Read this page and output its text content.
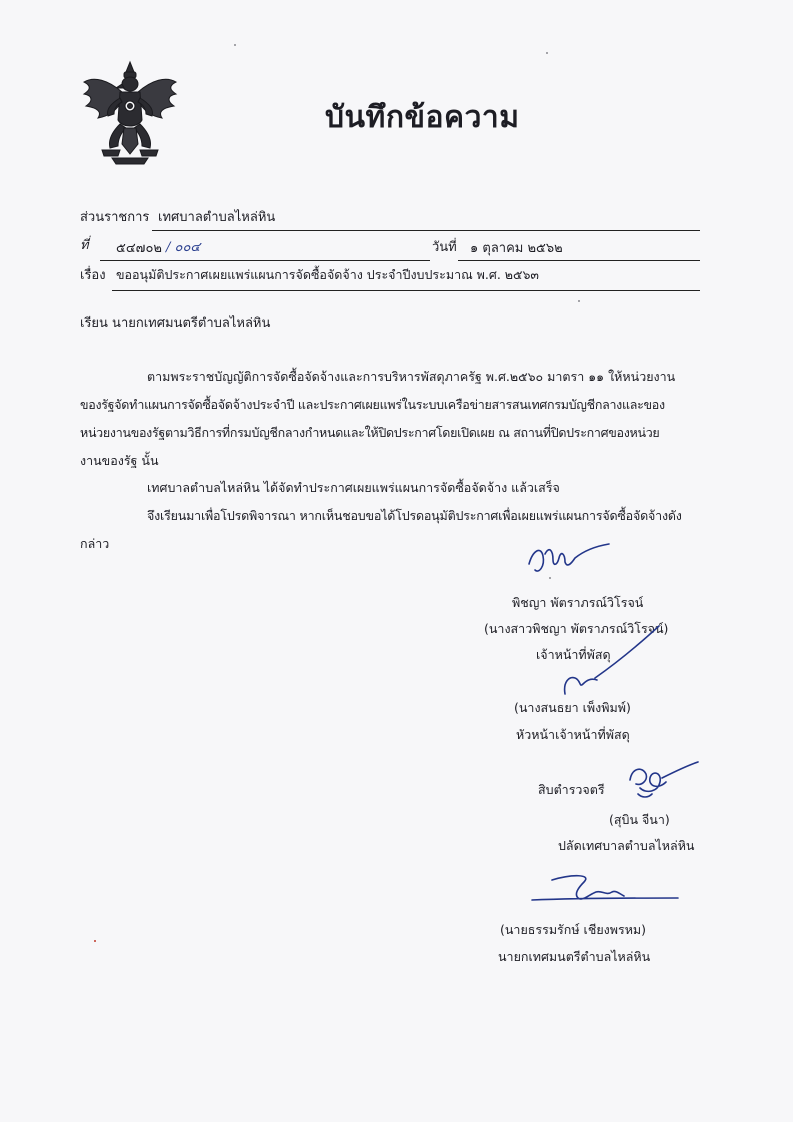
บันทึกข้อความ
ส่วนราชการ เทศบาลตำบลไหล่หิน
ที่ ๕๔๗๐๒ / ๐๐๔	วันที่ ๑ ตุลาคม ๒๕๖๒
เรื่อง ขออนุมัติประกาศเผยแพร่แผนการจัดซื้อจัดจ้าง ประจำปีงบประมาณ พ.ศ. ๒๕๖๓
เรียน นายกเทศมนตรีตำบลไหล่หิน
ตามพระราชบัญญัติการจัดซื้อจัดจ้างและการบริหารพัสดุภาครัฐ พ.ศ.๒๕๖๐ มาตรา ๑๑ ให้หน่วยงาน
ของรัฐจัดทำแผนการจัดซื้อจัดจ้างประจำปี และประกาศเผยแพร่ในระบบเครือข่ายสารสนเทศกรมบัญชีกลางและของ
หน่วยงานของรัฐตามวิธีการที่กรมบัญชีกลางกำหนดและให้ปิดประกาศโดยเปิดเผย ณ สถานที่ปิดประกาศของหน่วย
งานของรัฐ นั้น
เทศบาลตำบลไหล่หิน ได้จัดทำประกาศเผยแพร่แผนการจัดซื้อจัดจ้าง แล้วเสร็จ
จึงเรียนมาเพื่อโปรดพิจารณา หากเห็นชอบขอได้โปรดอนุมัติประกาศเพื่อเผยแพร่แผนการจัดซื้อจัดจ้างดัง
กล่าว
พิชญา พัตราภรณ์วิโรจน์
(นางสาวพิชญา พัตราภรณ์วิโรจน์)
เจ้าหน้าที่พัสดุ
(นางสนธยา เพ็งพิมพ์)
หัวหน้าเจ้าหน้าที่พัสดุ
สิบตำรวจตรี
(สุบิน จีนา)
ปลัดเทศบาลตำบลไหล่หิน
(นายธรรมรักษ์ เชียงพรหม)
นายกเทศมนตรีตำบลไหล่หิน
